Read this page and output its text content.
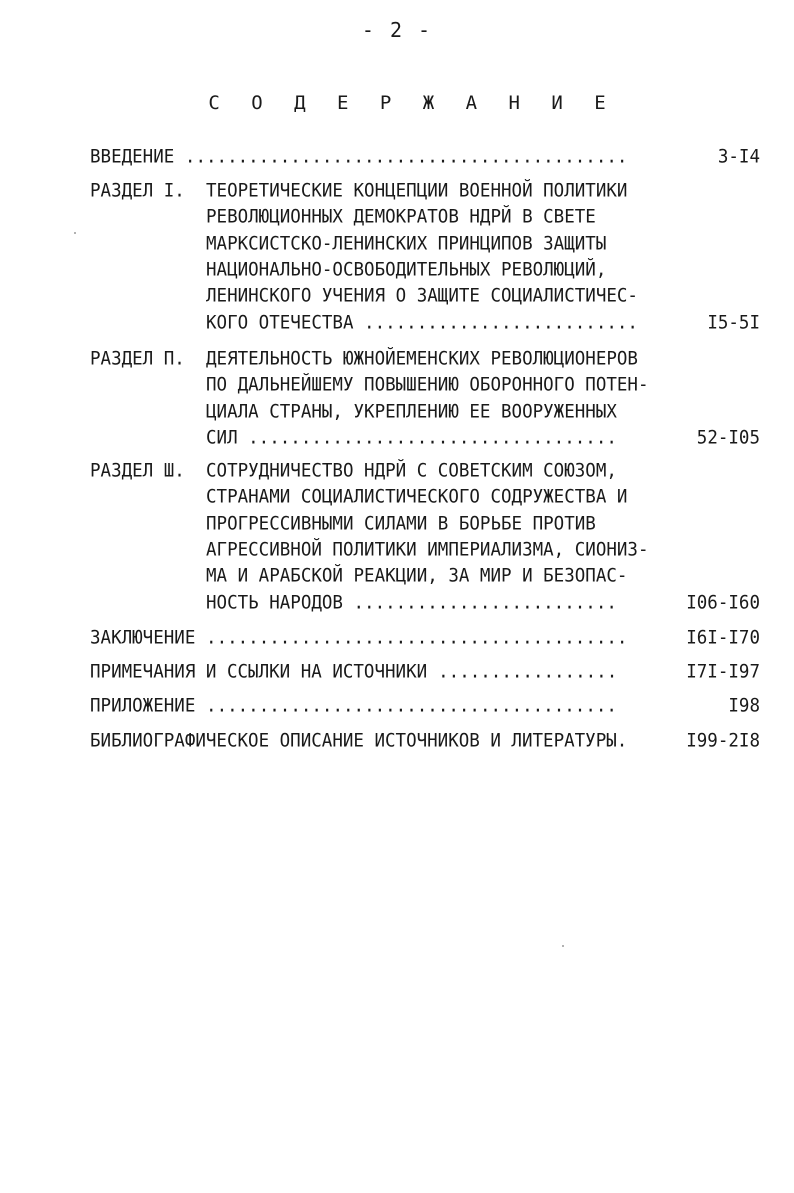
- 2 -
С О Д Е Р Ж А Н И Е
ВВЕДЕНИЕ ..........................................	3-I4
РАЗДЕЛ I. ТЕОРЕТИЧЕСКИЕ КОНЦЕПЦИИ ВОЕННОЙ ПОЛИТИКИ
РЕВОЛЮЦИОННЫХ ДЕМОКРАТОВ НДРЙ В СВЕТЕ
МАРКСИСТСКО-ЛЕНИНСКИХ ПРИНЦИПОВ ЗАЩИТЫ
НАЦИОНАЛЬНО-ОСВОБОДИТЕЛЬНЫХ РЕВОЛЮЦИЙ,
ЛЕНИНСКОГО УЧЕНИЯ О ЗАЩИТЕ СОЦИАЛИСТИЧЕС-
КОГО ОТЕЧЕСТВА ..........................	I5-5I
РАЗДЕЛ П. ДЕЯТЕЛЬНОСТЬ ЮЖНОЙЕМЕНСКИХ РЕВОЛЮЦИОНЕРОВ
ПО ДАЛЬНЕЙШЕМУ ПОВЫШЕНИЮ ОБОРОННОГО ПОТЕН-
ЦИАЛА СТРАНЫ, УКРЕПЛЕНИЮ ЕЕ ВООРУЖЕННЫХ
СИЛ ...................................	52-I05
РАЗДЕЛ Ш. СОТРУДНИЧЕСТВО НДРЙ С СОВЕТСКИМ СОЮЗОМ,
СТРАНАМИ СОЦИАЛИСТИЧЕСКОГО СОДРУЖЕСТВА И
ПРОГРЕССИВНЫМИ СИЛАМИ В БОРЬБЕ ПРОТИВ
АГРЕССИВНОЙ ПОЛИТИКИ ИМПЕРИАЛИЗМА, СИОНИЗ-
МА И АРАБСКОЙ РЕАКЦИИ, ЗА МИР И БЕЗОПАС-
НОСТЬ НАРОДОВ .........................	I06-I60
ЗАКЛЮЧЕНИЕ ........................................	I6I-I70
ПРИМЕЧАНИЯ И ССЫЛКИ НА ИСТОЧНИКИ .................	I7I-I97
ПРИЛОЖЕНИЕ .......................................	I98
БИБЛИОГРАФИЧЕСКОЕ ОПИСАНИЕ ИСТОЧНИКОВ И ЛИТЕРАТУРЫ.	I99-2I8
